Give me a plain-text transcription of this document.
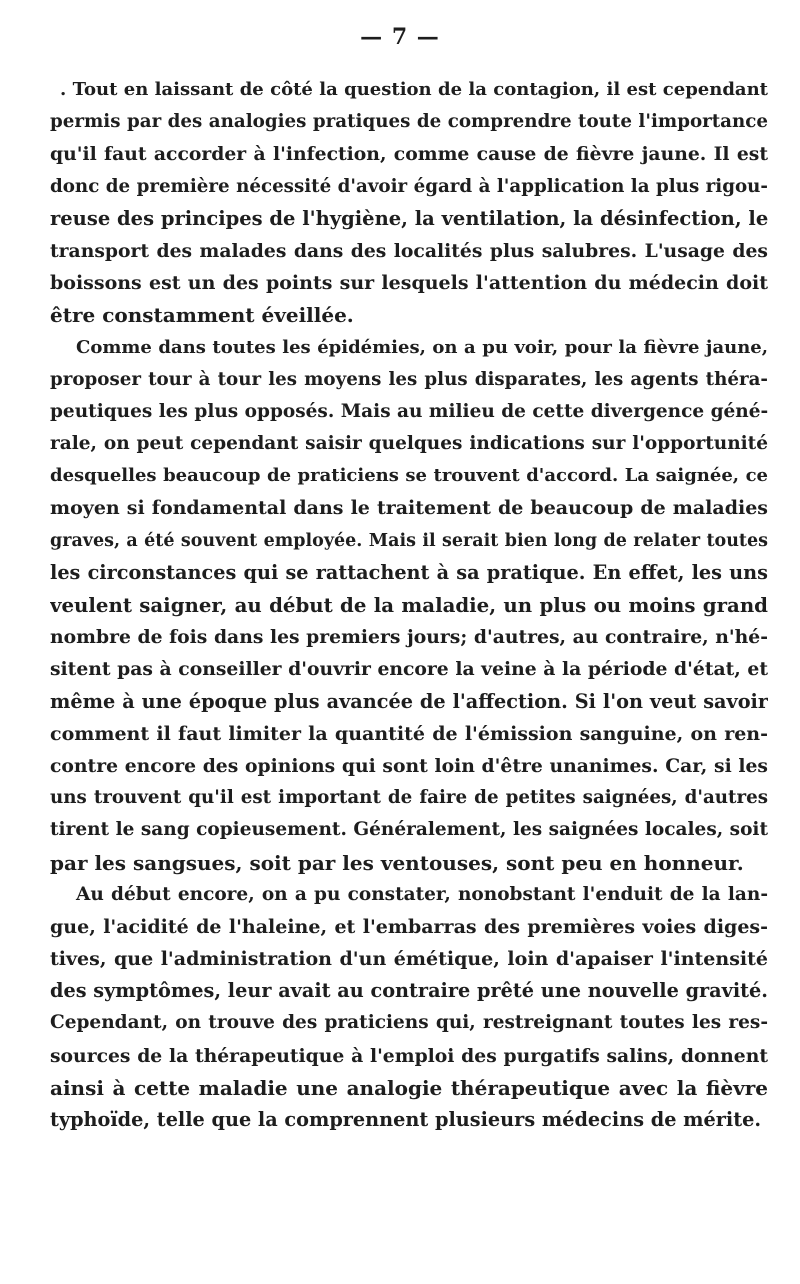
— 7 —
. Tout en laissant de côté la question de la contagion, il est cependant
permis par des analogies pratiques de comprendre toute l'importance
qu'il faut accorder à l'infection, comme cause de fièvre jaune. Il est
donc de première nécessité d'avoir égard à l'application la plus rigou-
reuse des principes de l'hygiène, la ventilation, la désinfection, le
transport des malades dans des localités plus salubres. L'usage des
boissons est un des points sur lesquels l'attention du médecin doit
être constamment éveillée.
Comme dans toutes les épidémies, on a pu voir, pour la fièvre jaune,
proposer tour à tour les moyens les plus disparates, les agents théra-
peutiques les plus opposés. Mais au milieu de cette divergence géné-
rale, on peut cependant saisir quelques indications sur l'opportunité
desquelles beaucoup de praticiens se trouvent d'accord. La saignée, ce
moyen si fondamental dans le traitement de beaucoup de maladies
graves, a été souvent employée. Mais il serait bien long de relater toutes
les circonstances qui se rattachent à sa pratique. En effet, les uns
veulent saigner, au début de la maladie, un plus ou moins grand
nombre de fois dans les premiers jours; d'autres, au contraire, n'hé-
sitent pas à conseiller d'ouvrir encore la veine à la période d'état, et
même à une époque plus avancée de l'affection. Si l'on veut savoir
comment il faut limiter la quantité de l'émission sanguine, on ren-
contre encore des opinions qui sont loin d'être unanimes. Car, si les
uns trouvent qu'il est important de faire de petites saignées, d'autres
tirent le sang copieusement. Généralement, les saignées locales, soit
par les sangsues, soit par les ventouses, sont peu en honneur.
Au début encore, on a pu constater, nonobstant l'enduit de la lan-
gue, l'acidité de l'haleine, et l'embarras des premières voies diges-
tives, que l'administration d'un émétique, loin d'apaiser l'intensité
des symptômes, leur avait au contraire prêté une nouvelle gravité.
Cependant, on trouve des praticiens qui, restreignant toutes les res-
sources de la thérapeutique à l'emploi des purgatifs salins, donnent
ainsi à cette maladie une analogie thérapeutique avec la fièvre
typhoïde, telle que la comprennent plusieurs médecins de mérite.
